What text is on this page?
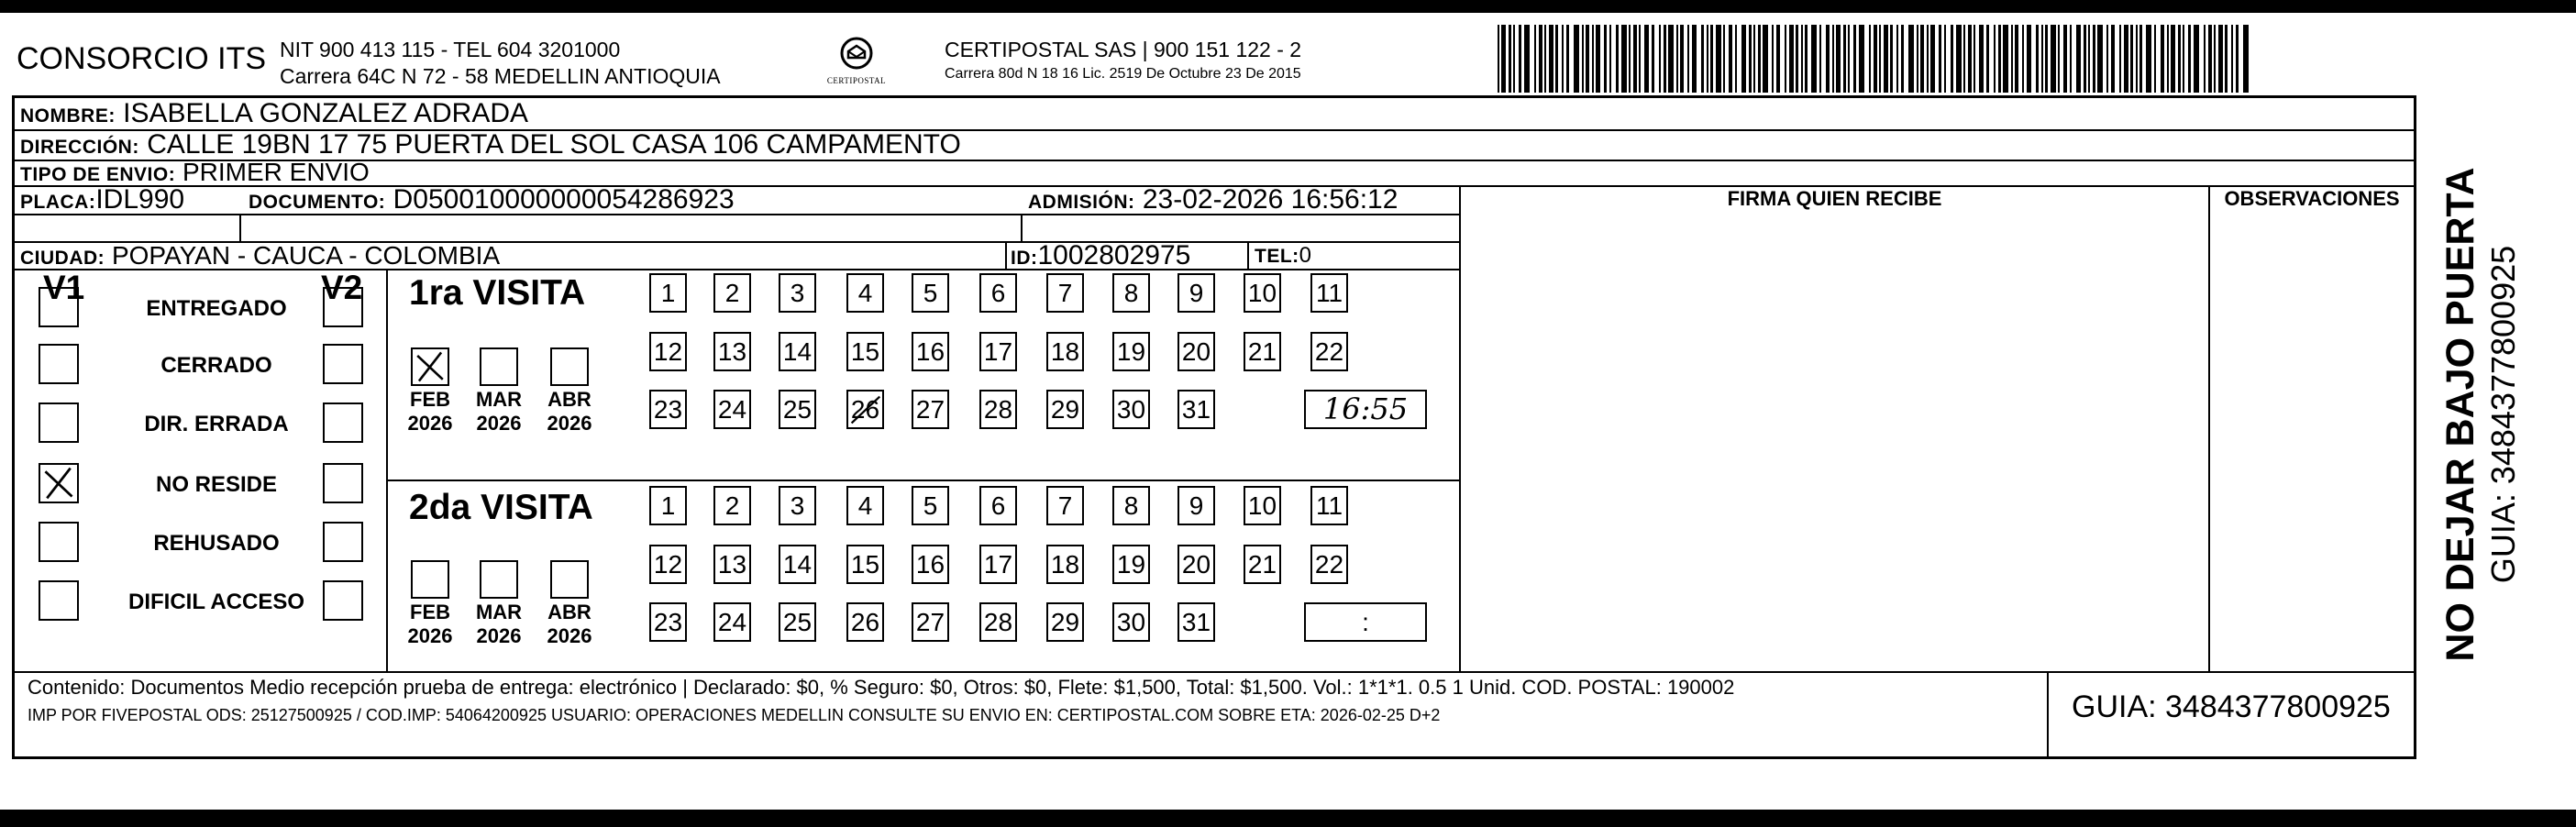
CONSORCIO ITS NIT 900 413 115 - TEL 604 3201000
Carrera 64C N 72 - 58 MEDELLIN ANTIOQUIA	CERTIPOSTAL
CERTIPOSTAL SAS | 900 151 122 - 2
Carrera 80d N 18 16 Lic. 2519 De Octubre 23 De 2015
NOMBRE: ISABELLA GONZALEZ ADRADA
DIRECCIÓN: CALLE 19BN 17 75 PUERTA DEL SOL CASA 106 CAMPAMENTO
TIPO DE ENVIO: PRIMER ENVIO
FIRMA QUIEN RECIBE	OBSERVACIONES
PLACA:IDL990	DOCUMENTO: D050010000000054286923	ADMISIÓN: 23-02-2026 16:56:12
CIUDAD: POPAYAN - CAUCA - COLOMBIA	ID:1002802975	TEL:0
V1	V2
ENTREGADO
CERRADO
DIR. ERRADA
NO RESIDE
REHUSADO
DIFICIL ACCESO
1ra VISITA
2da VISITA
FEB
2026
MAR
2026
ABR
2026
1	2	3	4	5	6	7	8	9	10 11
12 13 14 15 16 17 18 19 20 21 22
23 24 25 26 27 28 29 30 31	16:55
FEB
2026
MAR
2026
ABR
2026
1	2	3	4	5	6	7	8	9	10 11
12 13 14 15 16 17 18 19 20 21 22
23 24 25 26 27 28 29 30 31	:
Contenido: Documentos Medio recepción prueba de entrega: electrónico | Declarado: $0, % Seguro: $0, Otros: $0, Flete: $1,500, Total: $1,500. Vol.: 1*1*1. 0.5 1 Unid. COD. POSTAL: 190002
IMP POR FIVEPOSTAL ODS: 25127500925 / COD.IMP: 54064200925 USUARIO: OPERACIONES MEDELLIN CONSULTE SU ENVIO EN: CERTIPOSTAL.COM SOBRE ETA: 2026-02-25 D+2	GUIA: 3484377800925
NO DEJAR BAJO PUERTA GUIA: 3484377800925
